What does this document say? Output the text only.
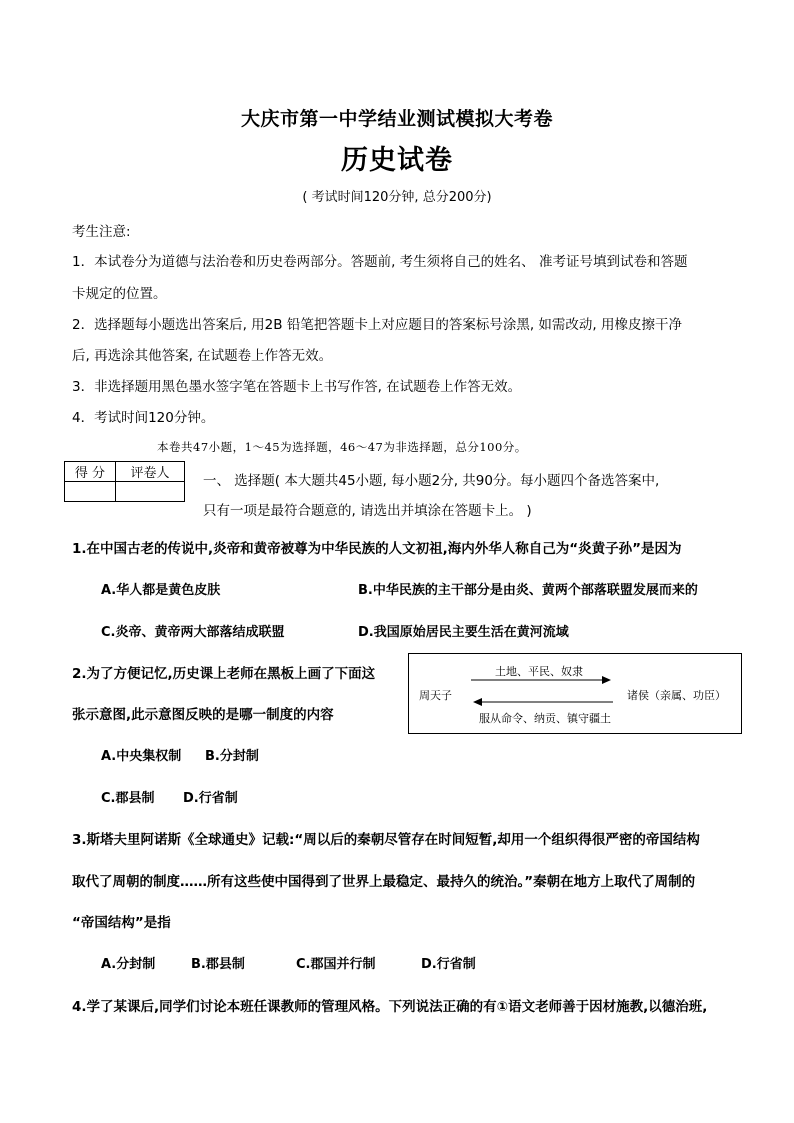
大庆市第一中学结业测试模拟大考卷
历史试卷
( 考试时间120分钟, 总分200分)
考生注意:
1．本试卷分为道德与法治卷和历史卷两部分。答题前, 考生须将自己的姓名、 准考证号填到试卷和答题
卡规定的位置。
2．选择题每小题选出答案后, 用2B 铅笔把答题卡上对应题目的答案标号涂黑, 如需改动, 用橡皮擦干净
后, 再选涂其他答案, 在试题卷上作答无效。
3．非选择题用黑色墨水签字笔在答题卡上书写作答, 在试题卷上作答无效。
4．考试时间120分钟。
本卷共47小题，1～45为选择题，46～47为非选择题，总分100分。
得 分	评卷人
	一、 选择题( 本大题共45小题, 每小题2分, 共90分。每小题四个备选答案中,
只有一项是最符合题意的, 请选出并填涂在答题卡上。 )
1.在中国古老的传说中,炎帝和黄帝被尊为中华民族的人文初祖,海内外华人称自己为“炎黄子孙”是因为
A.华人都是黄色皮肤	B.中华民族的主干部分是由炎、黄两个部落联盟发展而来的
C.炎帝、黄帝两大部落结成联盟	D.我国原始居民主要生活在黄河流域
2.为了方便记忆,历史课上老师在黑板上画了下面这
张示意图,此示意图反映的是哪一制度的内容
周天子	诸侯（亲属、功臣）
土地、平民、奴隶
服从命令、纳贡、镇守疆土
A.中央集权制 B.分封制
C.郡县制 D.行省制
3.斯塔夫里阿诺斯《全球通史》记载:“周以后的秦朝尽管存在时间短暂,却用一个组织得很严密的帝国结构
取代了周朝的制度……所有这些使中国得到了世界上最稳定、最持久的统治。”秦朝在地方上取代了周制的
“帝国结构”是指
A.分封制	B.郡县制	C.郡国并行制	D.行省制
4.学了某课后,同学们讨论本班任课教师的管理风格。下列说法正确的有①语文老师善于因材施教,以德治班,
